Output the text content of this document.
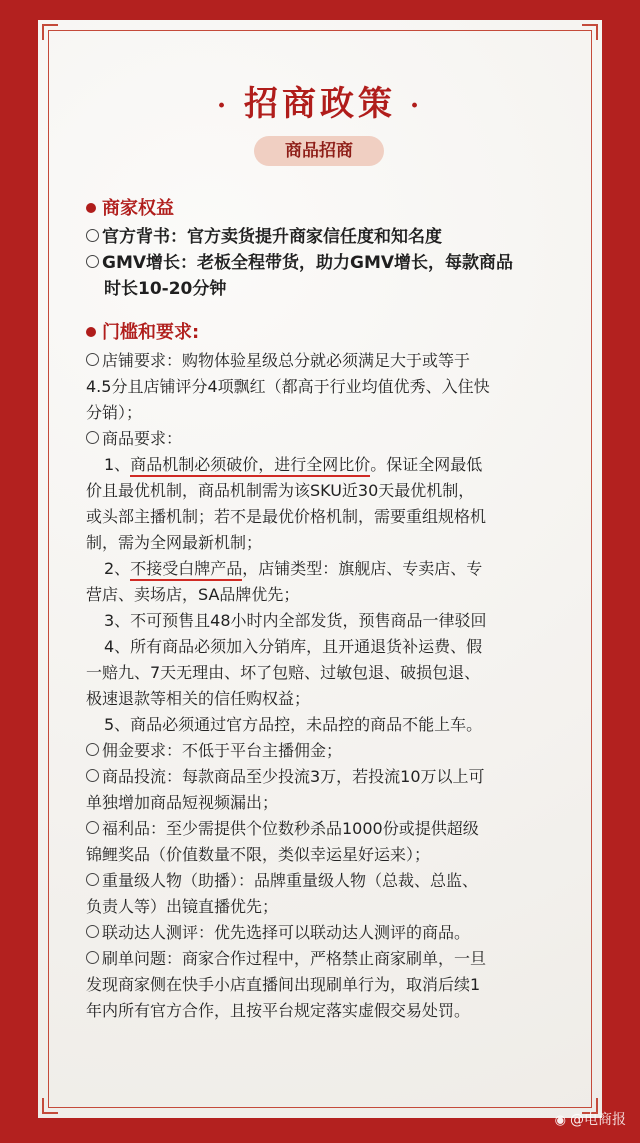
· 招商政策 ·
商品招商
商家权益
官方背书：官方卖货提升商家信任度和知名度
GMV增长：老板全程带货，助力GMV增长，每款商品
时长10-20分钟
门槛和要求:
店铺要求：购物体验星级总分就必须满足大于或等于
4.5分且店铺评分4项飘红（都高于行业均值优秀、入住快
分销）；
商品要求：
1、商品机制必须破价，进行全网比价。保证全网最低
价且最优机制，商品机制需为该SKU近30天最优机制，
或头部主播机制；若不是最优价格机制，需要重组规格机
制，需为全网最新机制；
2、不接受白牌产品，店铺类型：旗舰店、专卖店、专
营店、卖场店，SA品牌优先；
3、不可预售且48小时内全部发货，预售商品一律驳回
4、所有商品必须加入分销库，且开通退货补运费、假
一赔九、7天无理由、坏了包赔、过敏包退、破损包退、
极速退款等相关的信任购权益；
5、商品必须通过官方品控，未品控的商品不能上车。
佣金要求：不低于平台主播佣金；
商品投流：每款商品至少投流3万，若投流10万以上可
单独增加商品短视频漏出；
福利品：至少需提供个位数秒杀品1000份或提供超级
锦鲤奖品（价值数量不限，类似幸运星好运来）；
重量级人物（助播）：品牌重量级人物（总裁、总监、
负责人等）出镜直播优先；
联动达人测评：优先选择可以联动达人测评的商品。
刷单问题：商家合作过程中，严格禁止商家刷单，一旦
发现商家侧在快手小店直播间出现刷单行为，取消后续1
年内所有官方合作，且按平台规定落实虚假交易处罚。
◉ @电商报
